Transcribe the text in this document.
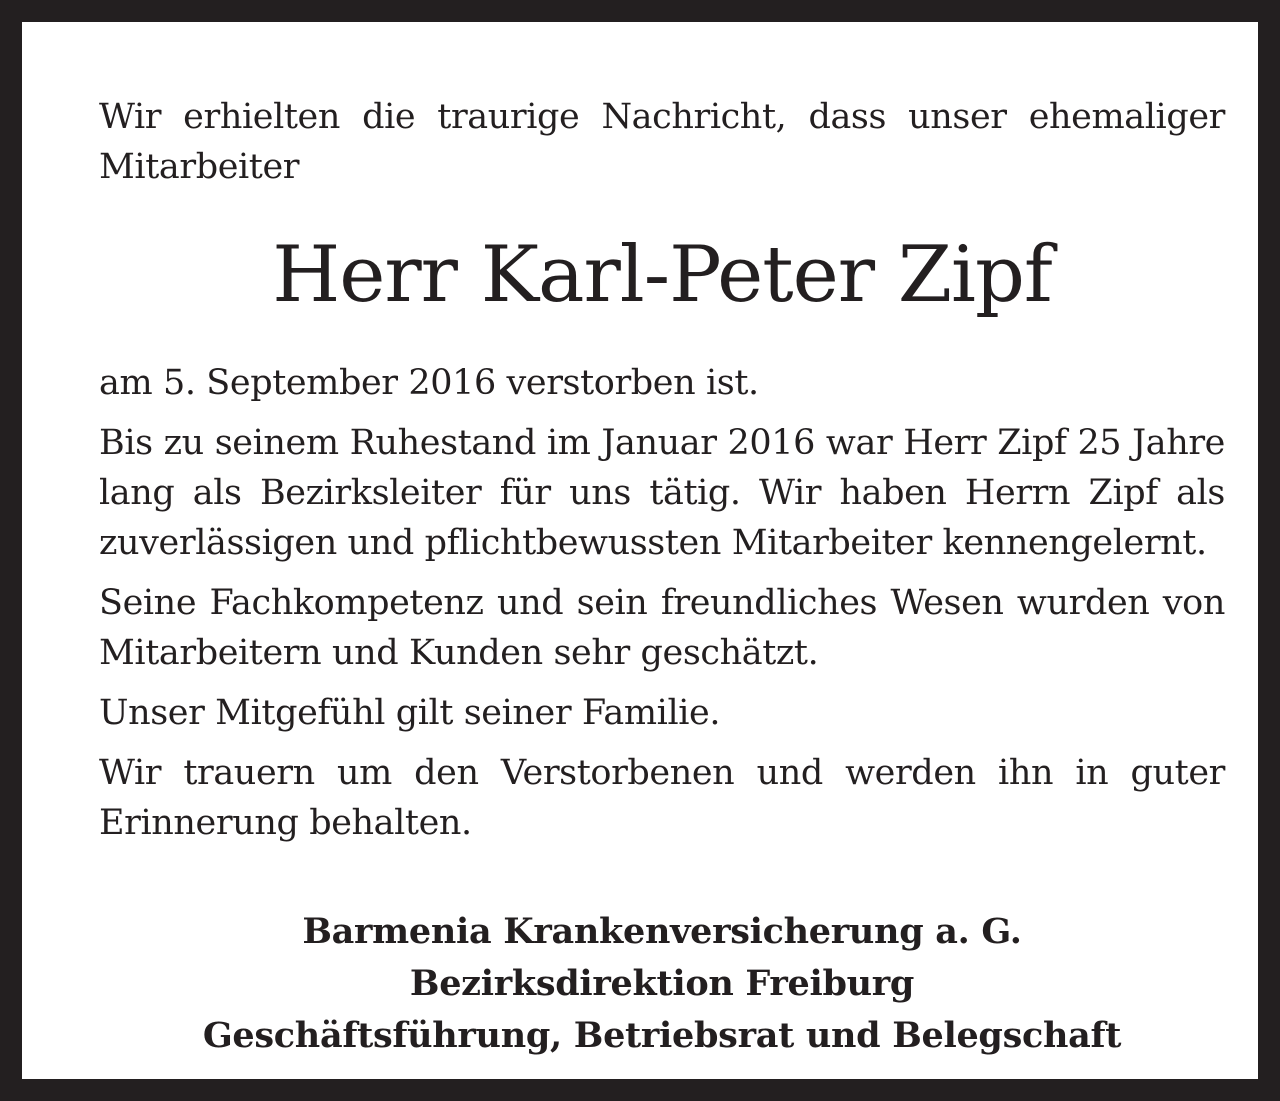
Wir erhielten die traurige Nachricht, dass unser ehemaliger Mitarbeiter

Herr Karl-Peter Zipf

am 5. September 2016 verstorben ist.

Bis zu seinem Ruhestand im Januar 2016 war Herr Zipf 25 Jahre lang als Bezirksleiter für uns tätig. Wir haben Herrn Zipf als zuverlässigen und pflichtbewussten Mitarbeiter kennengelernt.

Seine Fachkompetenz und sein freundliches Wesen wurden von Mitarbeitern und Kunden sehr geschätzt.

Unser Mitgefühl gilt seiner Familie.

Wir trauern um den Verstorbenen und werden ihn in guter Erinnerung behalten.

Barmenia Krankenversicherung a. G.
Bezirksdirektion Freiburg
Geschäftsführung, Betriebsrat und Belegschaft
